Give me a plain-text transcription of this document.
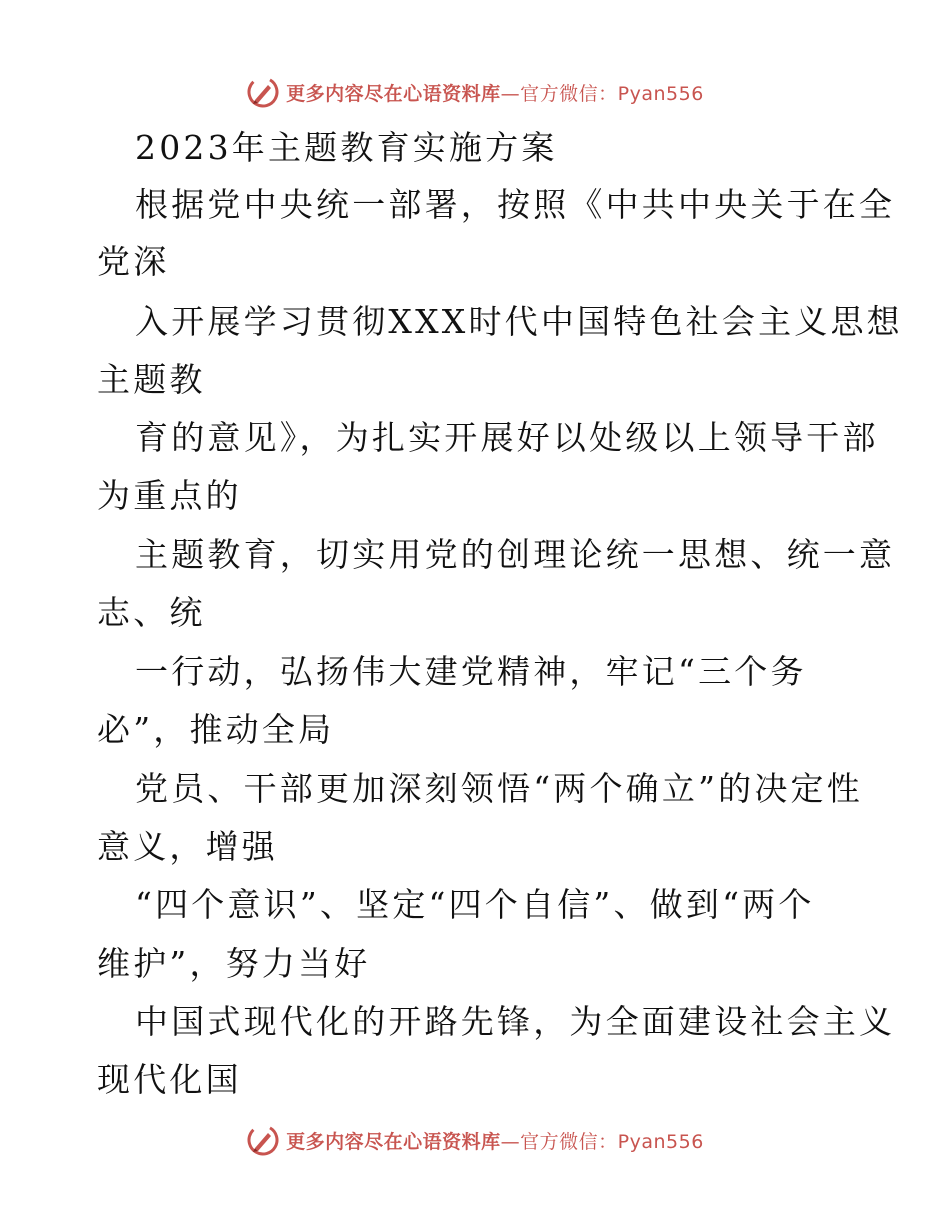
更多内容尽在心语资料库—官方微信：Pyan556
2023年主题教育实施方案
根据党中央统一部署，按照《中共中央关于在全
党深
入开展学习贯彻XXX时代中国特色社会主义思想
主题教
育的意见》，为扎实开展好以处级以上领导干部
为重点的
主题教育，切实用党的创理论统一思想、统一意
志、统
一行动，弘扬伟大建党精神，牢记“三个务
必”，推动全局
党员、干部更加深刻领悟“两个确立”的决定性
意义，增强
“四个意识”、坚定“四个自信”、做到“两个
维护”，努力当好
中国式现代化的开路先锋，为全面建设社会主义
现代化国
更多内容尽在心语资料库—官方微信：Pyan556
